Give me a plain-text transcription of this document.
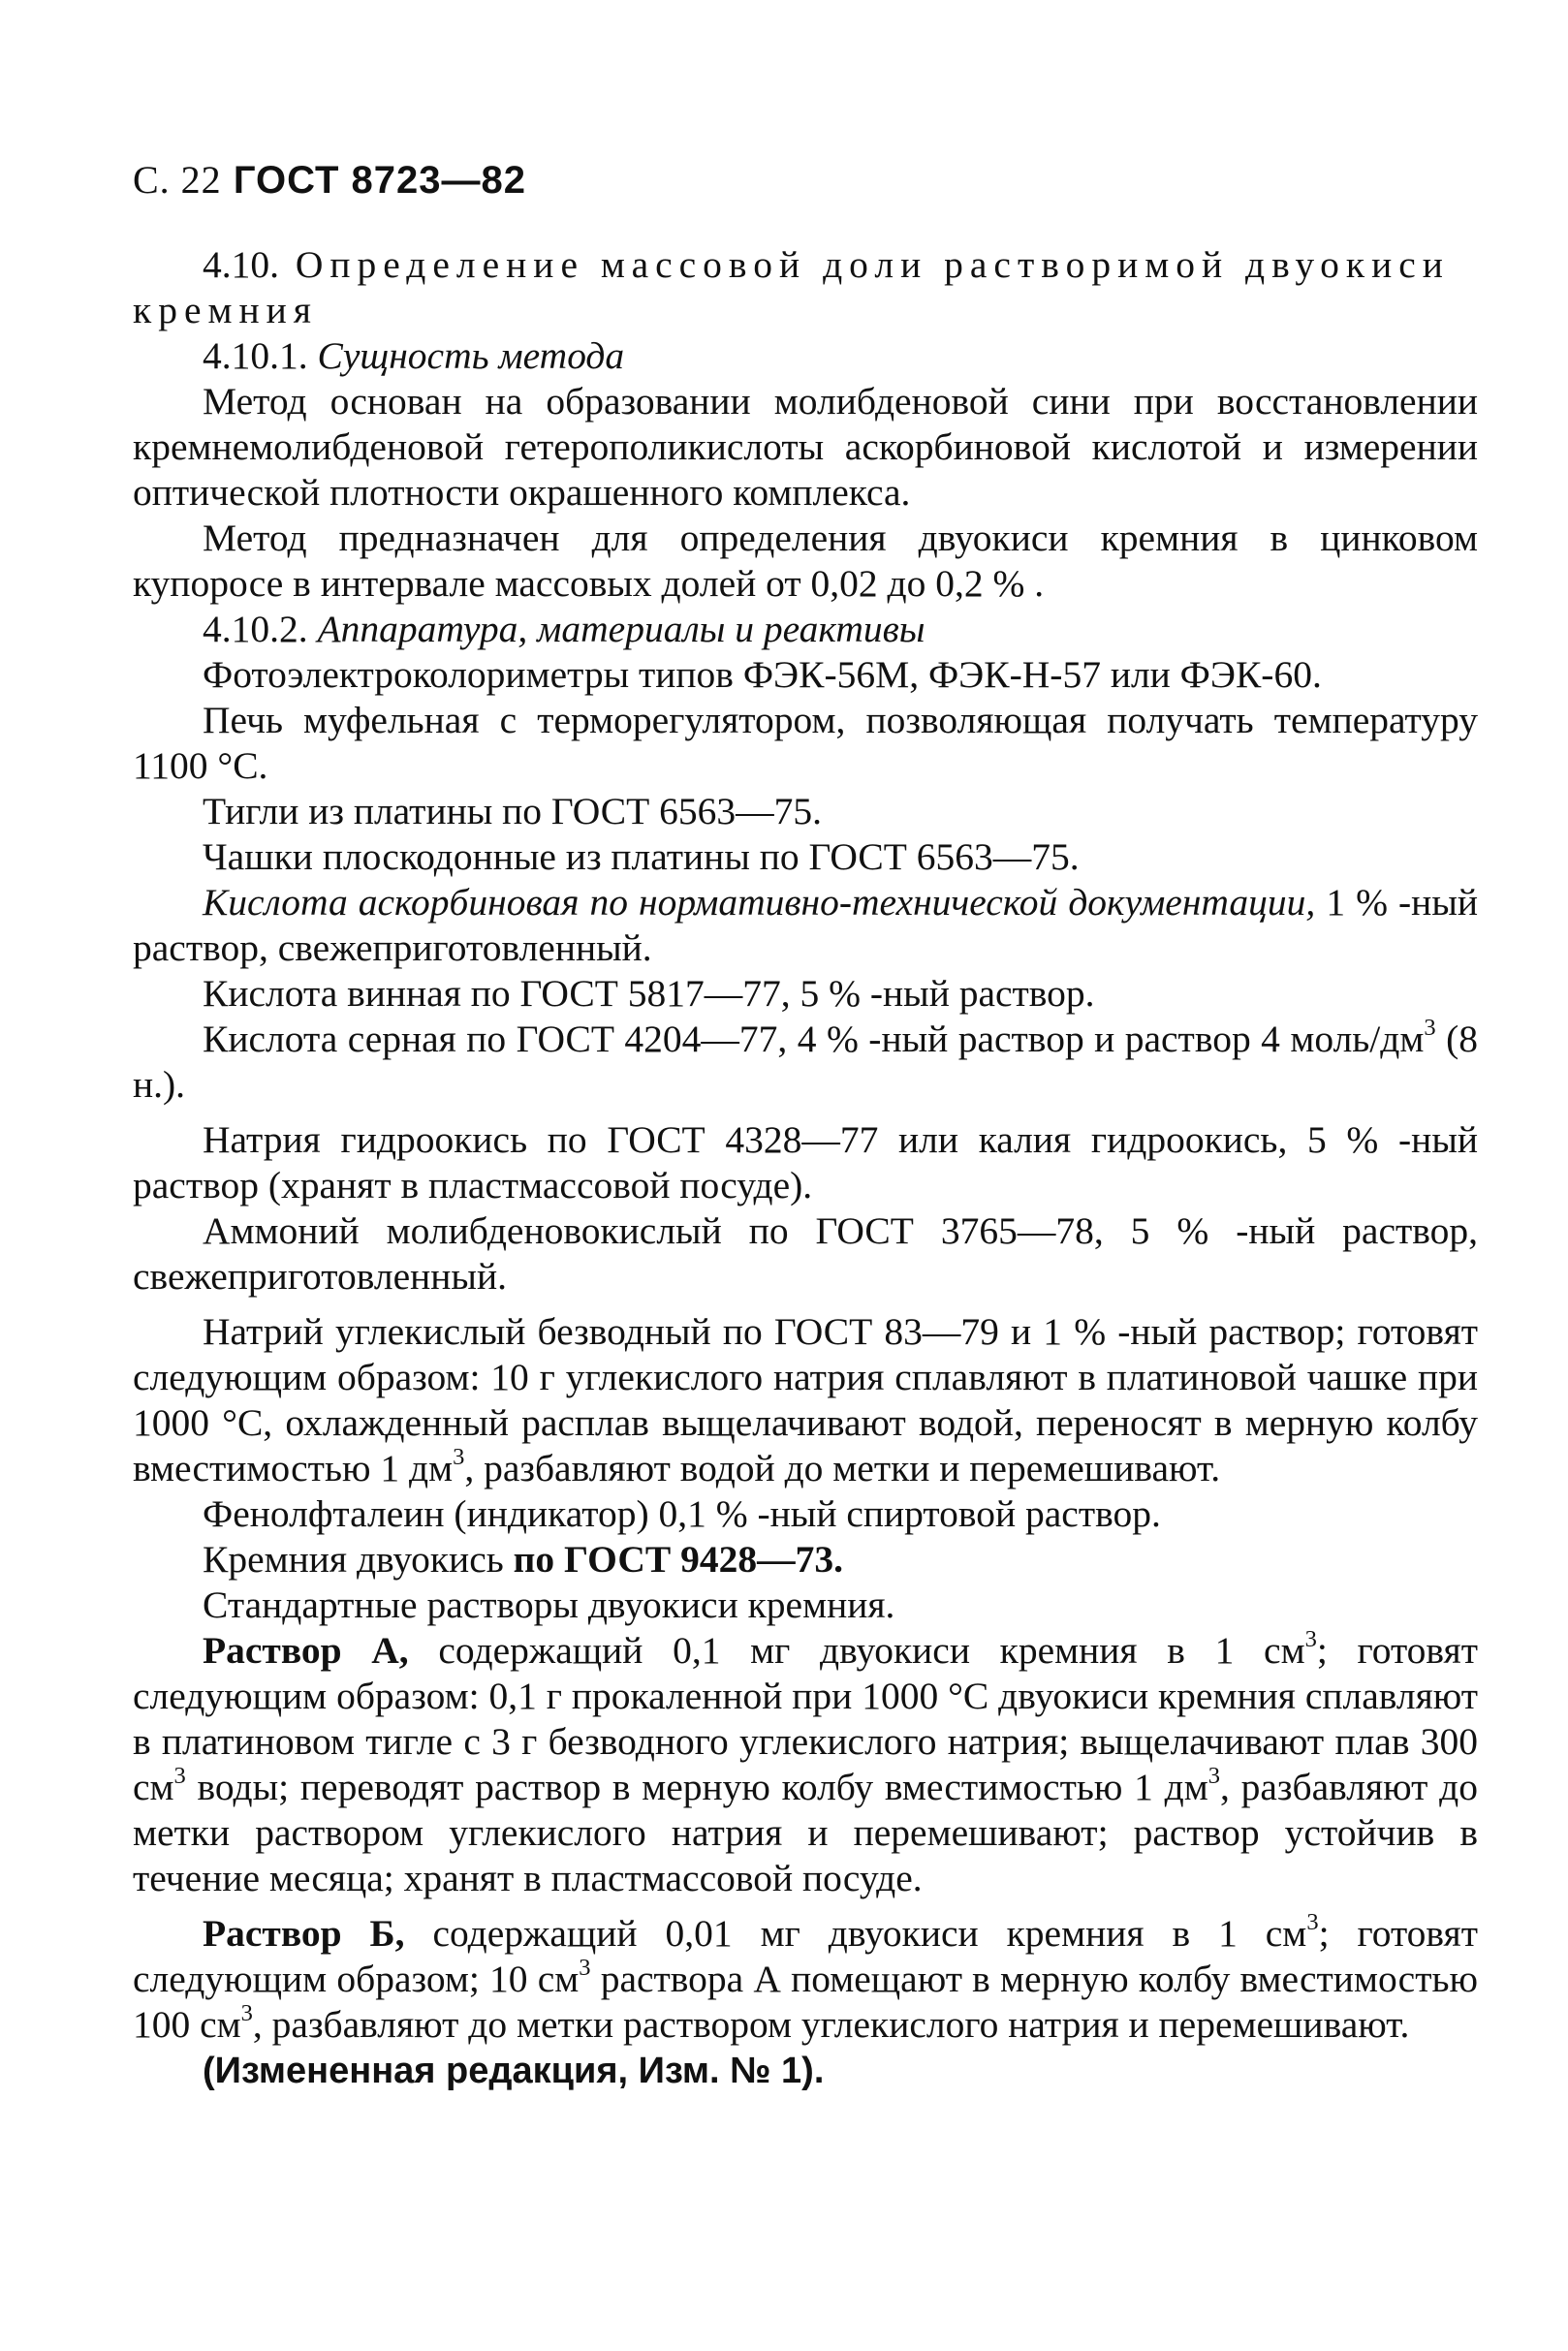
С. 22 ГОСТ 8723—82

4.10. Определение массовой доли растворимой двуокиси кремния

4.10.1. Сущность метода

Метод основан на образовании молибденовой сини при восстановлении кремнемолибденовой гетерополикислоты аскорбиновой кислотой и измерении оптической плотности окрашенного комплекса.

Метод предназначен для определения двуокиси кремния в цинковом купоросе в интервале массовых долей от 0,02 до 0,2 % .

4.10.2. Аппаратура, материалы и реактивы

Фотоэлектроколориметры типов ФЭК-56М, ФЭК-Н-57 или ФЭК-60.

Печь муфельная с терморегулятором, позволяющая получать температуру 1100 °С.

Тигли из платины по ГОСТ 6563—75.

Чашки плоскодонные из платины по ГОСТ 6563—75.

Кислота аскорбиновая по нормативно-технической документации, 1 % -ный раствор, свежеприготовленный.

Кислота винная по ГОСТ 5817—77, 5 % -ный раствор.

Кислота серная по ГОСТ 4204—77, 4 % -ный раствор и раствор 4 моль/$дм^3$ (8 н.).

Натрия гидроокись по ГОСТ 4328—77 или калия гидроокись, 5 % -ный раствор (хранят в пластмассовой посуде).

Аммоний молибденовокислый по ГОСТ 3765—78, 5 % -ный раствор, свежеприготовленный.

Натрий углекислый безводный по ГОСТ 83—79 и 1 % -ный раствор; готовят следующим образом: 10 г углекислого натрия сплавляют в платиновой чашке при 1000 °С, охлажденный расплав выщелачивают водой, переносят в мерную колбу вместимостью 1 $дм^3$, разбавляют водой до метки и перемешивают.

Фенолфталеин (индикатор) 0,1 % -ный спиртовой раствор.

Кремния двуокись по ГОСТ 9428—73.

Стандартные растворы двуокиси кремния.

Раствор А, содержащий 0,1 мг двуокиси кремния в 1 $см^3$; готовят следующим образом: 0,1 г прокаленной при 1000 °С двуокиси кремния сплавляют в платиновом тигле с 3 г безводного углекислого натрия; выщелачивают плав 300 $см^3$ воды; переводят раствор в мерную колбу вместимостью 1 $дм^3$, разбавляют до метки раствором углекислого натрия и перемешивают; раствор устойчив в течение месяца; хранят в пластмассовой посуде.

Раствор Б, содержащий 0,01 мг двуокиси кремния в 1 $см^3$; готовят следующим образом; 10 $см^3$ раствора А помещают в мерную колбу вместимостью 100 $см^3$, разбавляют до метки раствором углекислого натрия и перемешивают.

(Измененная редакция, Изм. № 1).
